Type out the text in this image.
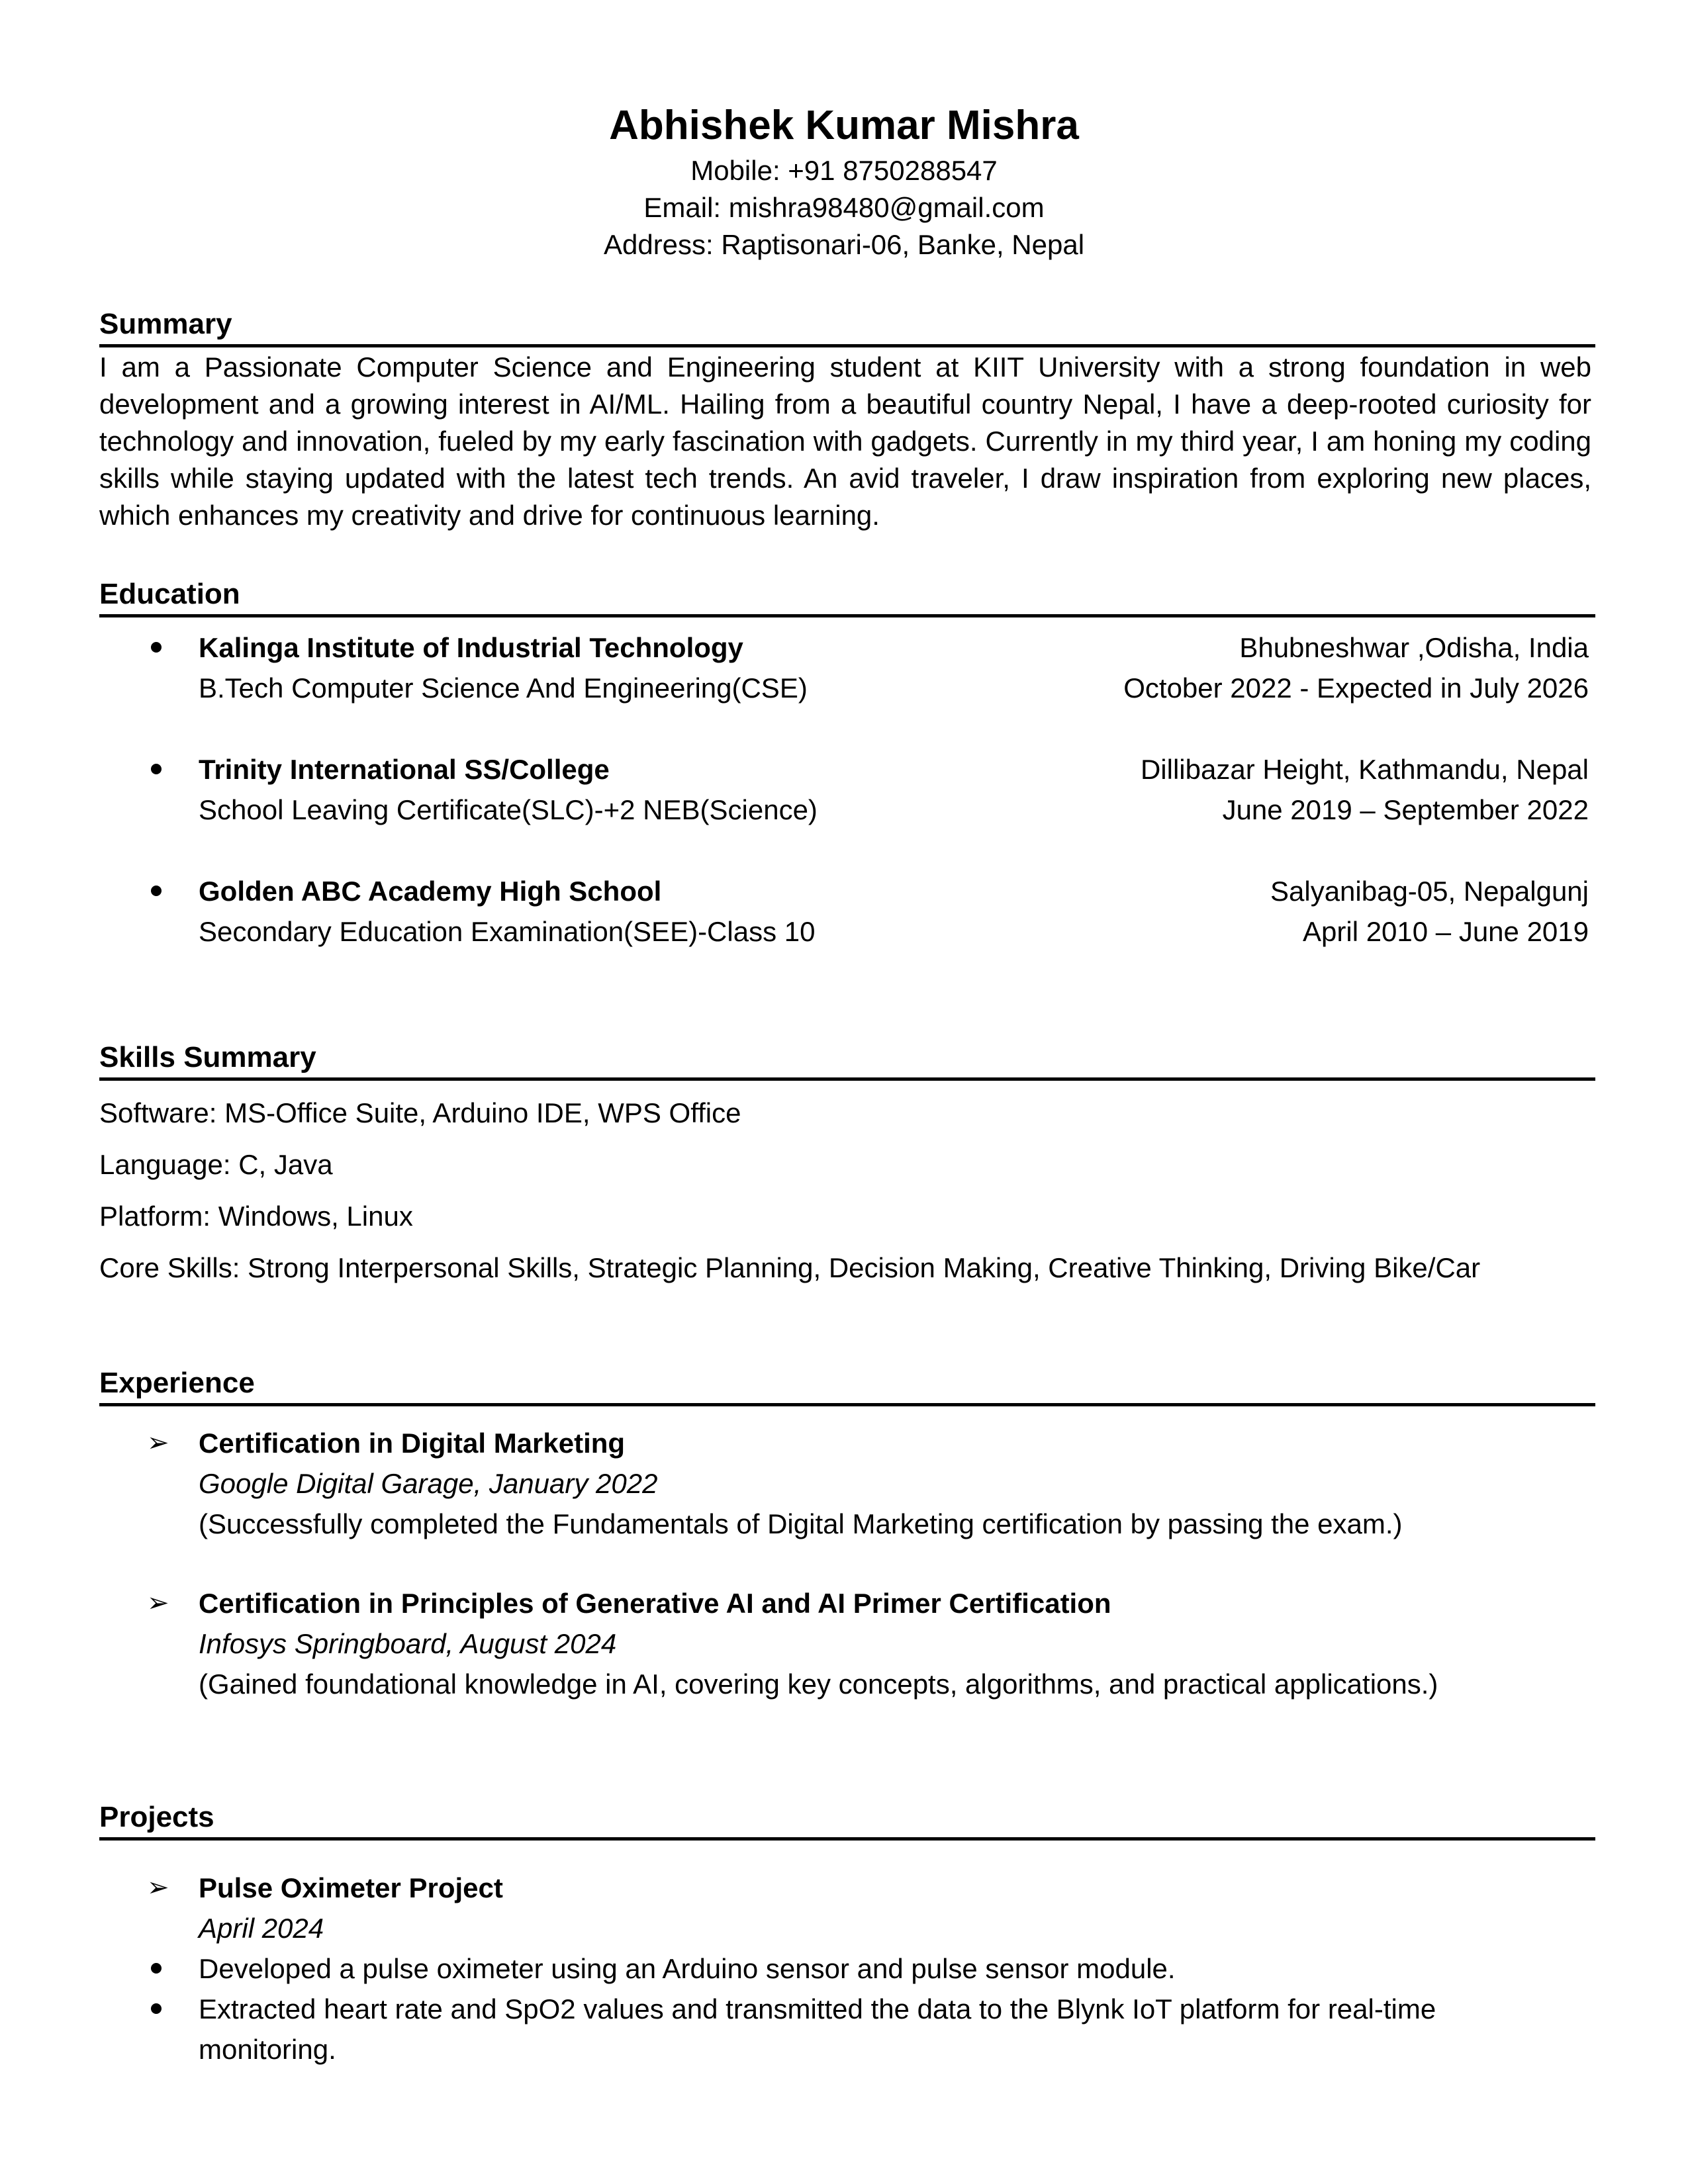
Abhishek Kumar Mishra

Mobile: +91 8750288547

Email: mishra98480@gmail.com

Address: Raptisonari-06, Banke, Nepal

Summary

I am a Passionate Computer Science and Engineering student at KIIT University with a strong foundation in web development and a growing interest in AI/ML. Hailing from a beautiful country Nepal, I have a deep-rooted curiosity for technology and innovation, fueled by my early fascination with gadgets. Currently in my third year, I am honing my coding skills while staying updated with the latest tech trends. An avid traveler, I draw inspiration from exploring new places, which enhances my creativity and drive for continuous learning.

Education

Kalinga Institute of Industrial Technology

B.Tech Computer Science And Engineering(CSE)

Bhubneshwar ,Odisha, India

October 2022 - Expected in July 2026

Trinity International SS/College

School Leaving Certificate(SLC)-+2 NEB(Science)

Dillibazar Height, Kathmandu, Nepal

June 2019 – September 2022

Golden ABC Academy High School

Secondary Education Examination(SEE)-Class 10

Salyanibag-05, Nepalgunj

April 2010 – June 2019

Skills Summary

Software: MS-Office Suite, Arduino IDE, WPS Office

Language: C, Java

Platform: Windows, Linux

Core Skills: Strong Interpersonal Skills, Strategic Planning, Decision Making, Creative Thinking, Driving Bike/Car

Experience

➢ Certification in Digital Marketing

Google Digital Garage, January 2022

(Successfully completed the Fundamentals of Digital Marketing certification by passing the exam.)

➢ Certification in Principles of Generative AI and AI Primer Certification

Infosys Springboard, August 2024

(Gained foundational knowledge in AI, covering key concepts, algorithms, and practical applications.)

Projects

➢ Pulse Oximeter Project

April 2024

Developed a pulse oximeter using an Arduino sensor and pulse sensor module.

Extracted heart rate and SpO2 values and transmitted the data to the Blynk IoT platform for real-time monitoring.
